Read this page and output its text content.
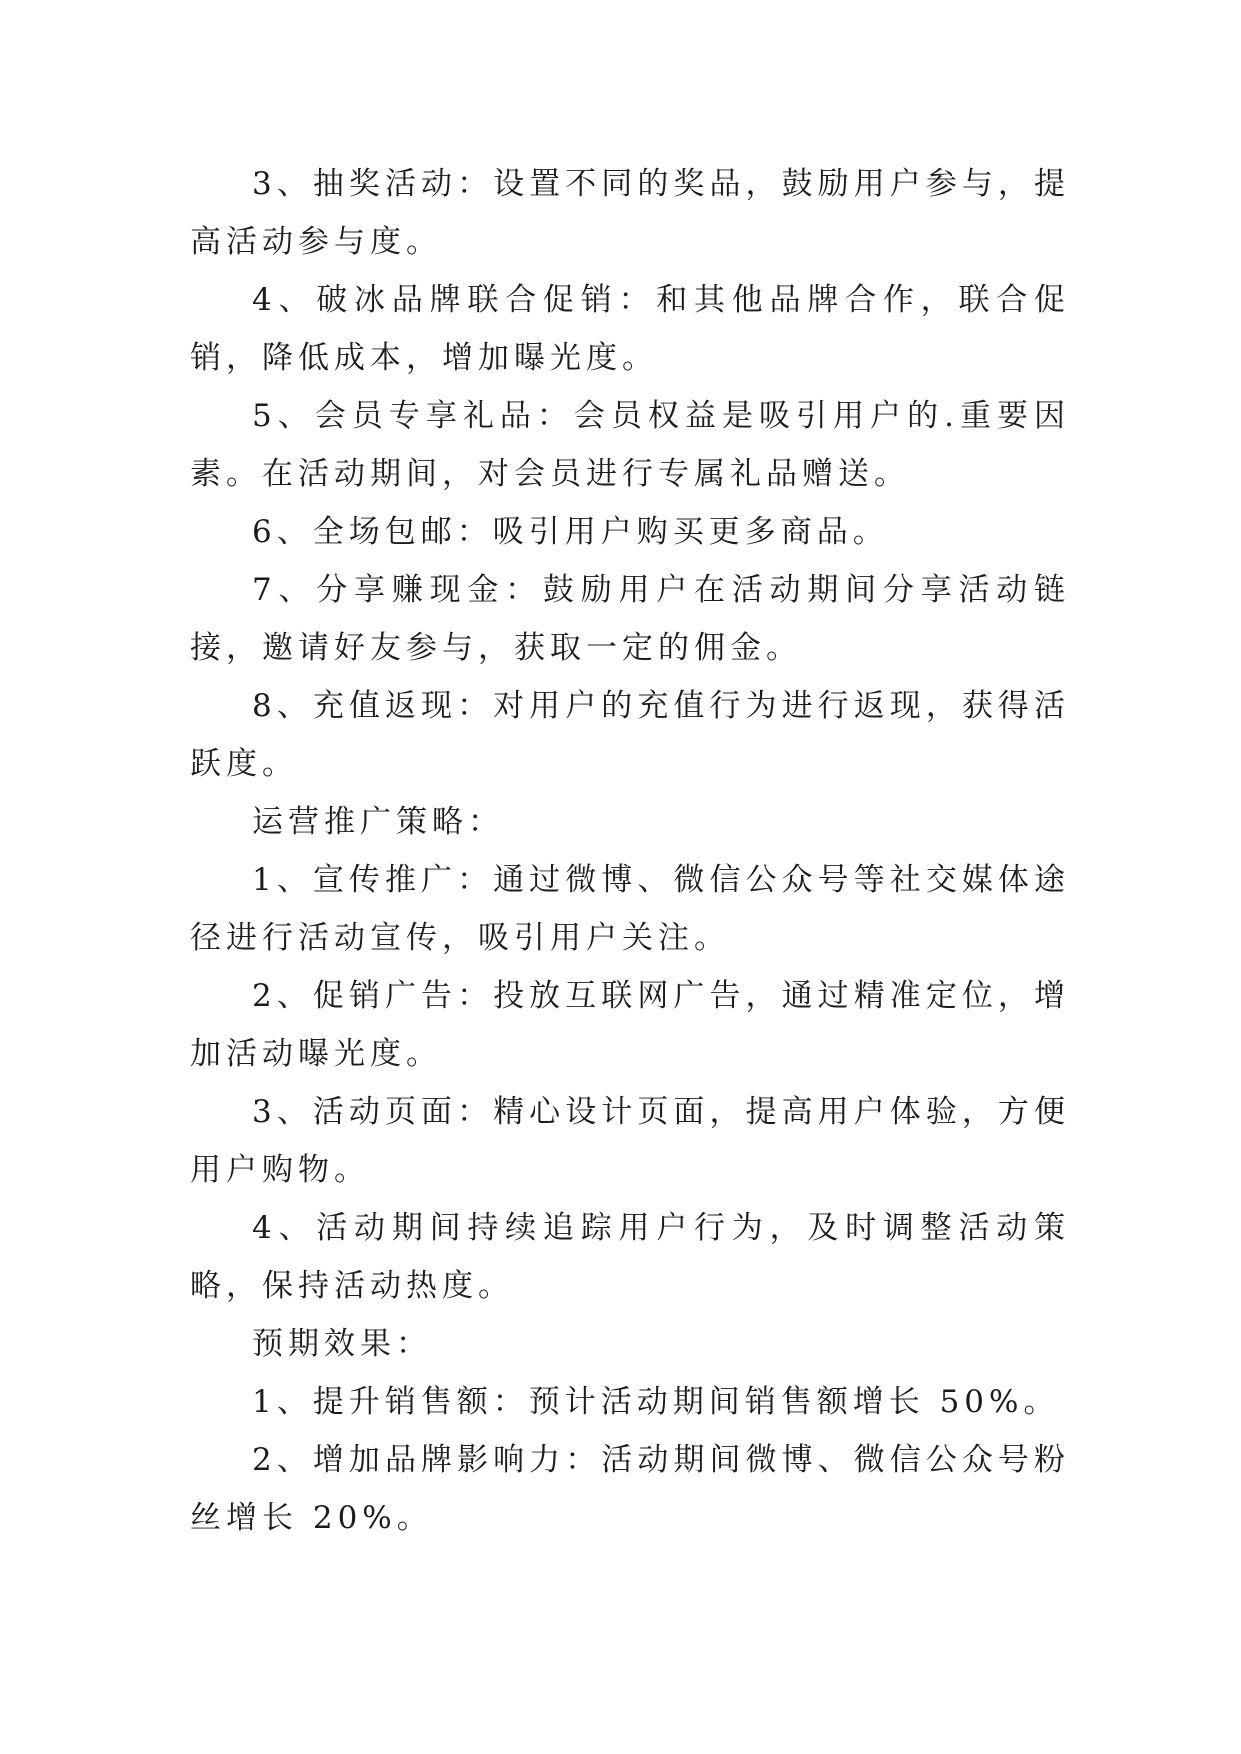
3、抽奖活动：设置不同的奖品，鼓励用户参与，提高活动参与度。

4、破冰品牌联合促销：和其他品牌合作，联合促销，降低成本，增加曝光度。

5、会员专享礼品：会员权益是吸引用户的.重要因素。在活动期间，对会员进行专属礼品赠送。

6、全场包邮：吸引用户购买更多商品。

7、分享赚现金：鼓励用户在活动期间分享活动链接，邀请好友参与，获取一定的佣金。

8、充值返现：对用户的充值行为进行返现，获得活跃度。

运营推广策略：

1、宣传推广：通过微博、微信公众号等社交媒体途径进行活动宣传，吸引用户关注。

2、促销广告：投放互联网广告，通过精准定位，增加活动曝光度。

3、活动页面：精心设计页面，提高用户体验，方便用户购物。

4、活动期间持续追踪用户行为，及时调整活动策略，保持活动热度。

预期效果：

1、提升销售额：预计活动期间销售额增长 50%。

2、增加品牌影响力：活动期间微博、微信公众号粉丝增长 20%。
